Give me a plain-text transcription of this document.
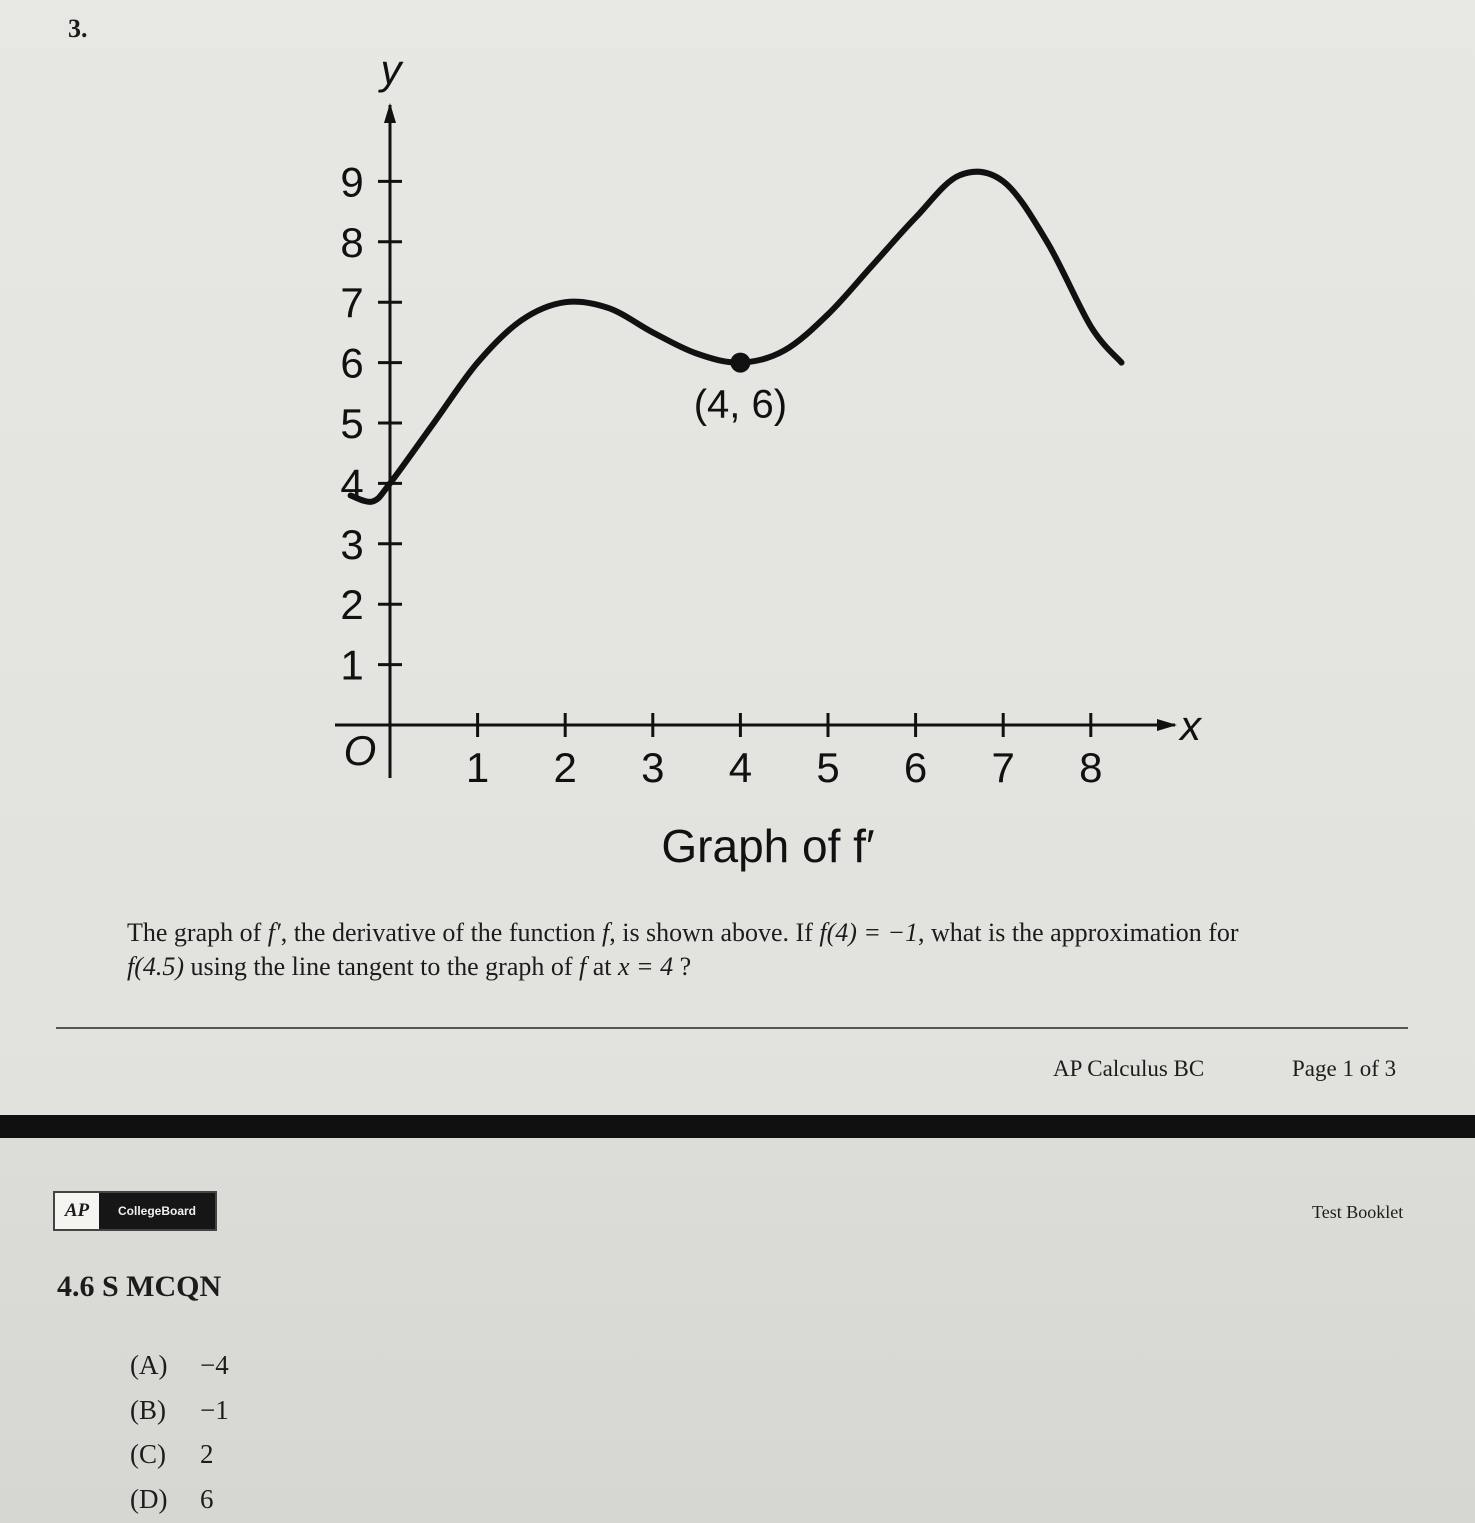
3.
1 2 3 4 5 6 7 8
1
2
3
4
5
6
7
8
9
(4, 6)
O
x
y
Graph of f′
The graph of f′, the derivative of the function f, is shown above. If f(4) = −1, what is the approximation for
f(4.5) using the line tangent to the graph of f at x = 4 ?
AP Calculus BC	Page 1 of 3
AP	CollegeBoard	Test Booklet
4.6 S MCQN
(A)	−4
(B)	−1
(C)	2
(D)	6
